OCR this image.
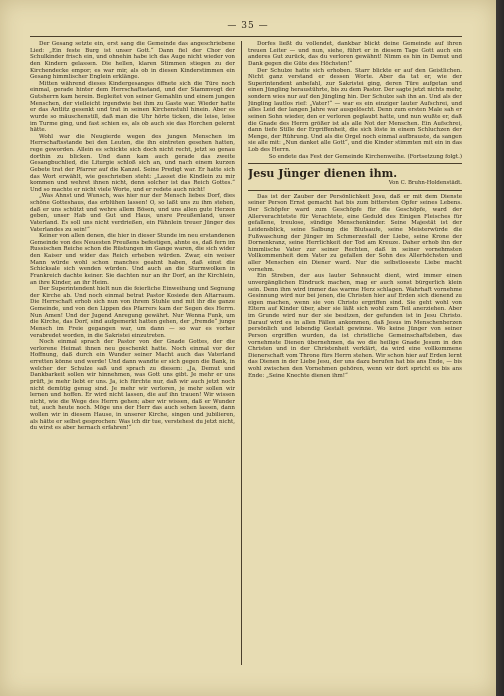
— 35 —

Der Gesang setzte ein, erst sang die Gemeinde das angeschriebene Lied: „Ein feste Burg ist unser Gott.“ Dann fiel der Chor der Schulkinder frisch ein, und ohnehin habe ich das Auge nicht wieder von den Kindern gelassen. Die hellen, klaren Stimmen stiegen zu der Kirchendecke empor; es war mir, als ob in diesen Kinderstimmen ein Gesang himmlischer Englein erklänge.

Mitten während dieses Kindergesanges öffnete sich die Türe noch einmal, gerade hinter dem Herrschaftsstand, und der Stammvogt der Gutsherrn kam herein. Begleitet von seiner Gemahlin und einem jungen Menschen, der vielleicht irgendwie bei ihm zu Gaste war. Wieder hatte er das Antlitz gesenkt und trat in seinen Kirchenstuhl hinein. Aber es wurde so mäuschenstill, daß man die Uhr hörte ticken, die leise, leise im Turme ging, und fast schien es, als ob auch sie das Horchen gelernt hätte.

Wohl war die Neugierde wegen des jungen Menschen im Herrschaftsstande bei den Leuten, die ihn eintreten gesehen hatten, rege geworden. Allein es schickte sich doch nicht recht, jetzt so genau dorthin zu blicken. Und dann kam auch gerade das zweite Gesangbuchlied, die Liturgie schloß sich an, und nach einem kurzen Gebete trat der Pfarrer auf die Kanzel. Seine Predigt war. Er hatte sich das Wort erwählt, wie geschrieben steht: „Lasset die Kindlein zu mir kommen und wehret ihnen nicht, denn solcher ist das Reich Gottes.“ Und so machte er nicht viele Worte, und er redete auch nicht!

„Was Ahnst und Wunsch, was hier nur der Mensch liebes Dorf, dies schöne Gotteshaus, das erblühen lassen! O, so laßt uns zu ihm stehen, daß er uns schützt und wehre allem Bösen, und uns allen gute Herzen geben, unser Hab und Gut und Haus, unsre Preußenland, unser Vaterland. Es soll uns nicht verdrießen, ein Fähnlein treuer Jünger des Vaterlandes zu sein!“

Keiner von allen denen, die hier in dieser Stunde im neu erstandenen Gemeinde von des Neuesten Preußens befestigen, ahnte es, daß fern im Russischen Reiche schon die Rüstungen im Gange waren, die sich wider den Kaiser und wider das Reich erheben würden. Zwar, ein weiser Mann würde wohl schon manches geahnt haben, daß einst die Schicksale sich wenden würden. Und auch an die Sturmwolken in Frankreich dachte keiner. Sie dachten nur an ihr Dorf, an ihr Kirchlein, an ihre Kinder, an ihr Heim.

Der Superintendent hielt nun die feierliche Einweihung und Segnung der Kirche ab. Und noch einmal betrat Pastor Kosiede den Altarraum. Die Herrschaft erhob sich nun von ihrem Stuhle und mit ihr die ganze Gemeinde, und von den Lippen des Pfarrers kam der Segen des Herrn. Nun Amen! Und der Jugend Anregung gewährt. Nur Wenna Funk, um die Kirche, das Dorf, sind aufgemerkt hatten gehen, der „fremde“ junge Mensch im Freie gegangen war, um dann — so war es vorher verabredet worden, in die Sakristei einzutreten.

Noch einmal sprach der Pastor von der Gnade Gottes, der die verlorene Heimat ihnen neu geschenkt hatte. Noch einmal vor der Hoffnung, daß durch ein Wunder seiner Macht auch das Vaterland erretten könne und werde! Und dann wandte er sich gegen die Bank, in welcher der Schulze saß und sprach zu diesem: „Ja, Demut und Dankbarkeit sollen wir hinnehmen, was Gott uns gibt. Je mehr er uns prüft, je mehr liebt er uns. Ja, ich fürchte nur, daß wir auch jetzt noch nicht demütig genug sind. Je mehr wir verloren, je mehr sollen wir lernen und hoffen. Er wird nicht lassen, die auf ihn trauen! Wir wissen nicht, wie die Wege des Herrn gehen; aber wir wissen, daß er Wunder tut, auch heute noch. Möge uns der Herr das auch sehen lassen, dann wollen wir in diesem Hause, in unserer Kirche, singen und jubilieren, als hätte er selbst gesprochen: Was ich dir tue, verstehest du jetzt nicht, du wirst es aber hernach erfahren!“

Dorfes ließt du vollendet, dankbar blickt deine Gemeinde auf ihren treuen Leiter — und nun, siehe, führt er in diesem Tage Gott auch ein anderes Gut zurück, das du verloren gewähnt! Nimm es hin in Demut und Dank gegen die Güte des Höchsten!“

Der Schulze hatte sich erhoben. Starr blickte er auf den Geistlichen. Nicht ganz verstand er dessen Worte. Aber da tat er, wie der Superintendent anbefahl, zur Sakristei ging, deren Türe aufgetan und einen Jüngling heraustührte, bis zu dem Pastor. Der sagte jetzt nichts mehr, sondern wies nur auf den Jüngling hin. Der Schulze sah ihn an. Und als der Jüngling lautlos rief: „Vater!“ — war es ein einziger lauter Aufschrei, und alles Leid der langen Jahre war ausgelöscht. Denn zum ersten Male sah er seinen Sohn wieder, den er verloren geglaubt hatte, und nun wußte er, daß die Gnade des Herrn größer ist als alle Not der Menschen. Ein Aufschrei, dann tiefe Stille der Ergriffenheit, die sich löste in einem Schluchzen der Menge, der Rührung. Und als die Orgel noch einmal aufbrauste, da sangen sie alle mit: „Nun danket alle Gott“, und die Kinder stimmten mit ein in das Lob des Herrn.

So endete das Fest der Gemeinde Kirchenweihe. (Fortsetzung folgt.)

Jesu Jünger dienen ihm.

Von C. Bruhn-Holdenstädt.

Das ist der Zauber der Persönlichkeit Jesu, daß er mit dem Dienste seiner Person Ernst gemacht hat bis zum bittersten Opfer seines Lebens. Der Schöpfer ward zum Geschöpfe für die Geschöpfe, ward der Allerverachtetste für Verachtete, eine Geduld des Einigen Fleisches für gefallene, treulose, sündige Menschenkinder. Seine Majestät ist der Leidensblick, seine Salbung die Blutsaufe, seine Meisterwürde die Fußwaschung der Jünger im Schmerzesfall der Liebe, seine Krone der Dornenkranz, seine Herrlichkeit der Tod am Kreuze. Daher erhob ihn der himmlische Vater zur seiner Rechten, daß in seiner vornehmsten Vollkommenheit dem Vater zu gefallen der Sohn des Allerhöchsten und aller Menschen ein Diener ward. Nur die selbstloseste Liebe macht vornehm.

Ein Streben, der aus lauter Sehnsucht dient, wird immer einen unvergänglichen Eindruck machen, mag er auch sonst bürgerlich klein sein. Denn ihm wird immer das warme Herz schlagen. Wahrhaft vornehme Gesinnung wird nur bei jenen, die Christen hier auf Erden sich dienend zu eigen machen, wenn sie von Christo ergriffen sind. Sie geht wohl von Eltern auf Kinder über, aber sie läßt sich wohl zum Teil anerziehen. Aber im Grunde wird nur der sie besitzen, der gefunden ist in Jesu Christo. Darauf wird es in allen Fällen ankommen, daß Jesus im Menschenherzen persönlich und lebendig Gestalt gewinne. Wo keine Jünger von seiner Person ergriffen wurden, da ist christliche Gemeinschaftsleben, das vornehmste Dienen übernehmen, da wo die heilige Gnade Jesum in den Christen und in der Christenheit verklärt, da wird eine vollkommene Dienerschaft vom Throne fürs Herrn stehen. Wir schon hier auf Erden lernt das Dienen in der Liebe Jesu, der uns dazu berufen hat bis ans Ende, — bis wohl zwischen den Vornehmen gehören, wenn wir dort spricht es bis ans Ende: „Seine Knechte dienen ihm!“
